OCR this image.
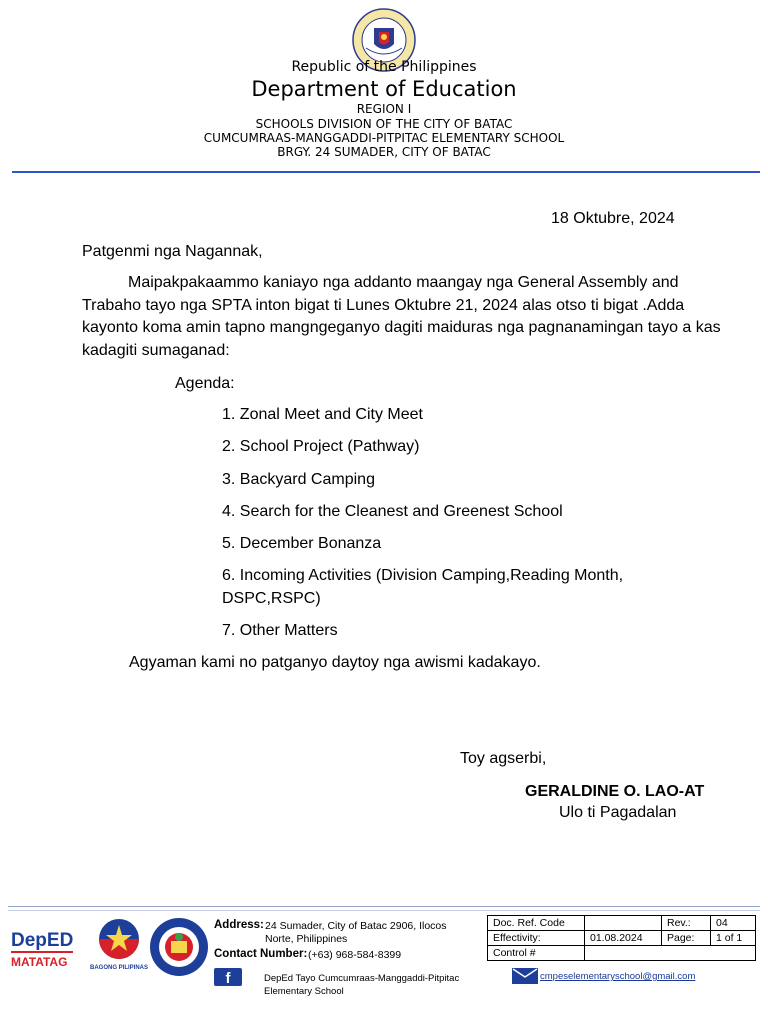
Republic of the Philippines
Department of Education
REGION I
SCHOOLS DIVISION OF THE CITY OF BATAC
CUMCUMRAAS-MANGGADDI-PITPITAC ELEMENTARY SCHOOL
BRGY. 24 SUMADER, CITY OF BATAC
18 Oktubre, 2024
Patgenmi nga Nagannak,
Maipakpakaammo kaniayo nga addanto maangay nga General Assembly and Trabaho tayo nga SPTA inton bigat ti Lunes Oktubre 21, 2024 alas otso ti bigat .Adda kayonto koma amin tapno mangngeganyo dagiti maiduras nga pagnanamingan tayo a kas kadagiti sumaganad:
Agenda:
1. Zonal Meet and City Meet
2. School Project (Pathway)
3. Backyard Camping
4. Search for the Cleanest and Greenest School
5. December Bonanza
6. Incoming Activities (Division Camping,Reading Month, DSPC,RSPC)
7. Other Matters
Agyaman kami no patganyo daytoy nga awismi kadakayo.
Toy agserbi,
GERALDINE O. LAO-AT
Ulo ti Pagadalan
DepED
MATATAG	BAGONG PILIPINAS
Address: 24 Sumader, City of Batac 2906, Ilocos Norte, Philippines
Contact Number: (+63) 968-584-8399
f	DepEd Tayo Cumcumraas-Manggaddi-Pitpitac Elementary School
cmpeselementaryschool@gmail.com
Doc. Ref. Code		Rev.:	04
Effectivity:	01.08.2024	Page:	1 of 1
Control #			
